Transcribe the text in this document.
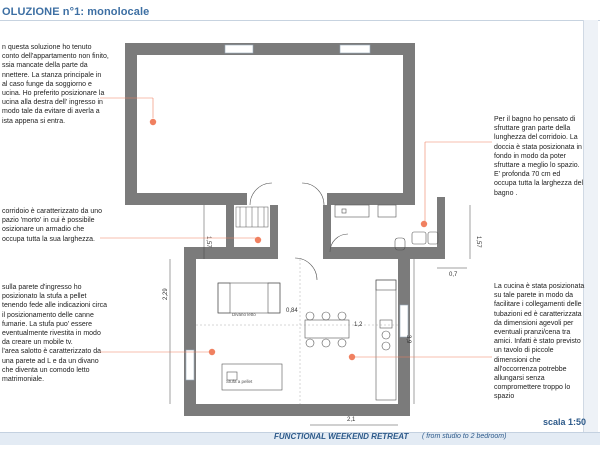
OLUZIONE n°1: monolocale
n questa soluzione ho tenuto
conto dell'appartamento non finito,
ssia mancate della parte da
nnettere. La stanza principale in
al caso funge da soggiorno e
ucina. Ho preferito posizionare la
ucina alla destra dell' ingresso in
modo tale da evitare di averla a
ista appena si entra.
corridoio è caratterizzato da uno
pazio 'morto' in cui è possibile
osizionare un armadio che
occupa tutta la sua larghezza.
sulla parete d'ingresso ho
posizionato la stufa a pellet
tenendo fede alle indicazioni circa
il posizionamento delle canne
fumarie. La stufa puo' essere
eventualmente rivestita in modo
da creare un mobile tv.
l'area salotto è caratterizzato da
una parete ad L e da un divano
che diventa un comodo letto
matrimoniale.
Per il bagno ho pensato di
sfruttare gran parte della
lunghezza del corridoio. La
doccia è stata posizionata in
fondo in modo da poter
sfruttare a meglio lo spazio.
E' profonda 70 cm ed
occupa tutta la larghezza del
bagno .
La cucina è stata posizionata
su tale parete in modo da
facilitare i collegamenti delle
tubazioni ed è caratterizzata
da dimensioni agevoli per
eventuali pranzi/cena tra
amici. Infatti è stato previsto
un tavolo di piccole
dimensioni che
all'occorrenza potrebbe
allungarsi senza
compromettere troppo lo
spazio
1,57	1,57
0,7
2,29
3,9
2,1
0,84
1,2
Divano letto
Stufa a pellet
scala 1:50
FUNCTIONAL WEEKEND RETREAT ( from studio to 2 bedroom)
